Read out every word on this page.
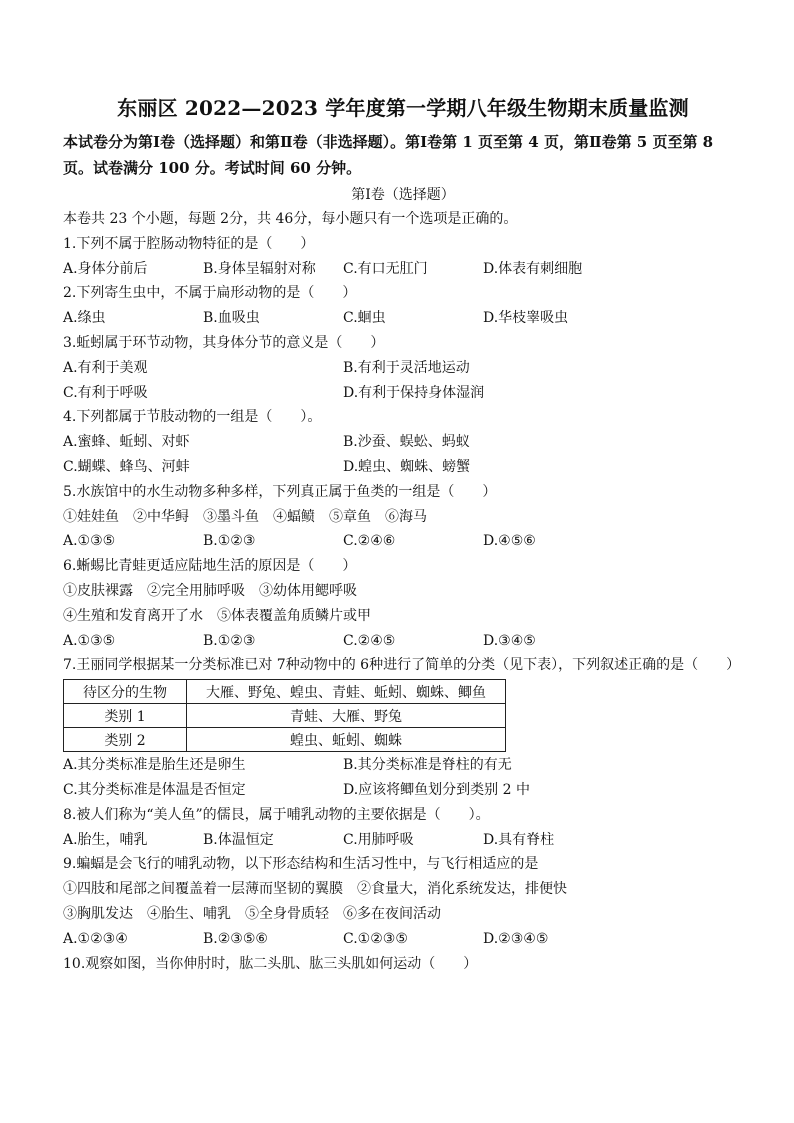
东丽区 2022—2023 学年度第一学期八年级生物期末质量监测

本试卷分为第Ⅰ卷（选择题）和第Ⅱ卷（非选择题）。第Ⅰ卷第 1 页至第 4 页，第Ⅱ卷第 5 页至第 8 页。试卷满分 100 分。考试时间 60 分钟。

第Ⅰ卷（选择题）
本卷共 23 个小题，每题 2分，共 46分，每小题只有一个选项是正确的。
1.下列不属于腔肠动物特征的是（　　）
A.身体分前后	B.身体呈辐射对称	C.有口无肛门	D.体表有刺细胞
2.下列寄生虫中，不属于扁形动物的是（　　）
A.绦虫	B.血吸虫	C.蛔虫	D.华枝睾吸虫
3.蚯蚓属于环节动物，其身体分节的意义是（　　）
A.有利于美观	B.有利于灵活地运动
C.有利于呼吸	D.有利于保持身体湿润
4.下列都属于节肢动物的一组是（　　）。
A.蜜蜂、蚯蚓、对虾	B.沙蚕、蜈蚣、蚂蚁
C.蝴蝶、蜂鸟、河蚌	D.蝗虫、蜘蛛、螃蟹
5.水族馆中的水生动物多种多样，下列真正属于鱼类的一组是（　　）
①娃娃鱼　②中华鲟　③墨斗鱼　④蝠鲼　⑤章鱼　⑥海马
A.①③⑤	B.①②③	C.②④⑥	D.④⑤⑥
6.蜥蜴比青蛙更适应陆地生活的原因是（　　）
①皮肤裸露　②完全用肺呼吸　③幼体用鳃呼吸
④生殖和发育离开了水　⑤体表覆盖角质鳞片或甲
A.①③⑤	B.①②③	C.②④⑤	D.③④⑤
7.王丽同学根据某一分类标准已对 7种动物中的 6种进行了简单的分类（见下表），下列叙述正确的是（　　）
待区分的生物	大雁、野兔、蝗虫、青蛙、蚯蚓、蜘蛛、鲫鱼
类别 1	青蛙、大雁、野兔
类别 2	蝗虫、蚯蚓、蜘蛛
A.其分类标准是胎生还是卵生	B.其分类标准是脊柱的有无
C.其分类标准是体温是否恒定	D.应该将鲫鱼划分到类别 2 中
8.被人们称为“美人鱼”的儒艮，属于哺乳动物的主要依据是（　　）。
A.胎生，哺乳	B.体温恒定	C.用肺呼吸	D.具有脊柱
9.蝙蝠是会飞行的哺乳动物，以下形态结构和生活习性中，与飞行相适应的是
①四肢和尾部之间覆盖着一层薄而坚韧的翼膜　②食量大，消化系统发达，排便快
③胸肌发达　④胎生、哺乳　⑤全身骨质轻　⑥多在夜间活动
A.①②③④	B.②③⑤⑥	C.①②③⑤	D.②③④⑤
10.观察如图，当你伸肘时，肱二头肌、肱三头肌如何运动（　　）
